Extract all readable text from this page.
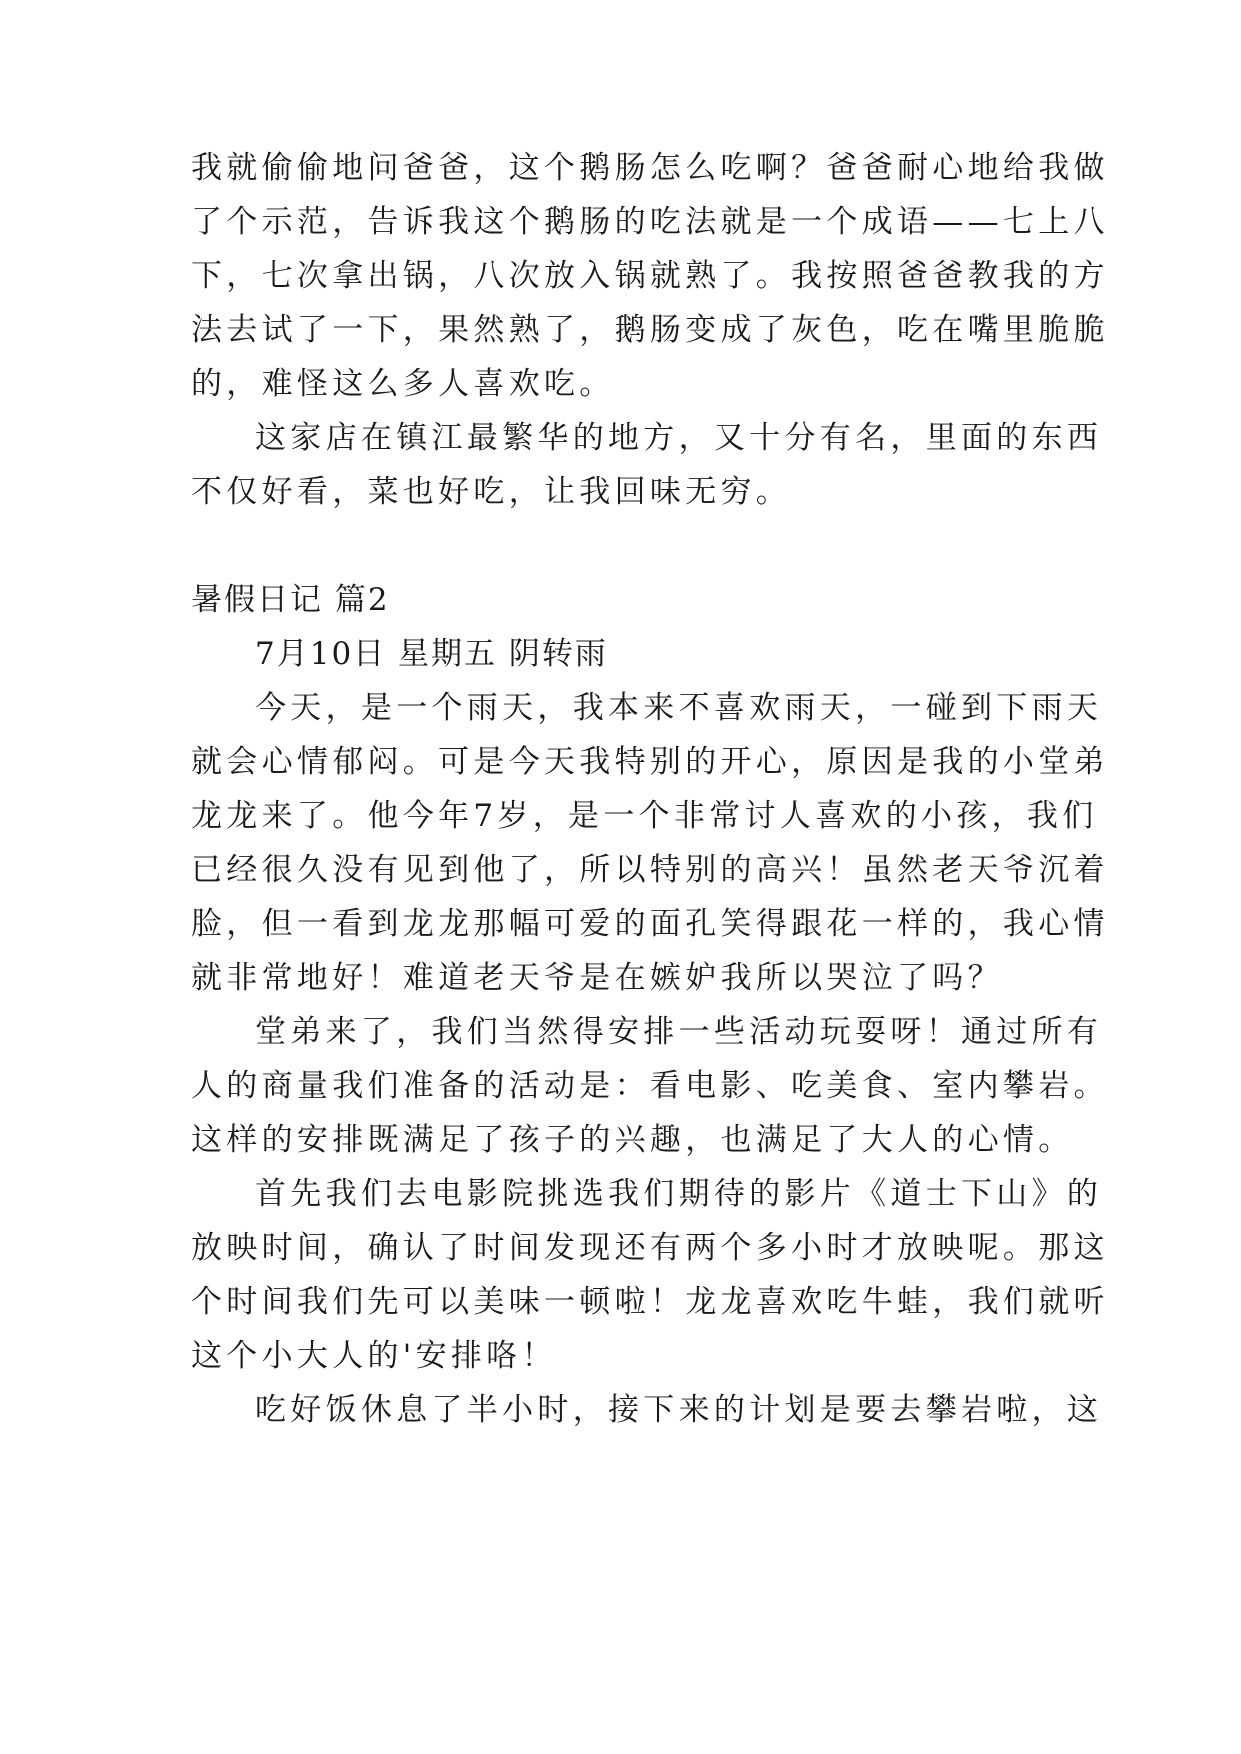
我就偷偷地问爸爸，这个鹅肠怎么吃啊？爸爸耐心地给我做
了个示范，告诉我这个鹅肠的吃法就是一个成语——七上八
下，七次拿出锅，八次放入锅就熟了。我按照爸爸教我的方
法去试了一下，果然熟了，鹅肠变成了灰色，吃在嘴里脆脆
的，难怪这么多人喜欢吃。
这家店在镇江最繁华的地方，又十分有名，里面的东西
不仅好看，菜也好吃，让我回味无穷。
暑假日记 篇2
7月10日 星期五 阴转雨
今天，是一个雨天，我本来不喜欢雨天，一碰到下雨天
就会心情郁闷。可是今天我特别的开心，原因是我的小堂弟
龙龙来了。他今年7岁，是一个非常讨人喜欢的小孩，我们
已经很久没有见到他了，所以特别的高兴！虽然老天爷沉着
脸，但一看到龙龙那幅可爱的面孔笑得跟花一样的，我心情
就非常地好！难道老天爷是在嫉妒我所以哭泣了吗？
堂弟来了，我们当然得安排一些活动玩耍呀！通过所有
人的商量我们准备的活动是：看电影、吃美食、室内攀岩。
这样的安排既满足了孩子的兴趣，也满足了大人的心情。
首先我们去电影院挑选我们期待的影片《道士下山》的
放映时间，确认了时间发现还有两个多小时才放映呢。那这
个时间我们先可以美味一顿啦！龙龙喜欢吃牛蛙，我们就听
这个小大人的'安排咯！
吃好饭休息了半小时，接下来的计划是要去攀岩啦，这
